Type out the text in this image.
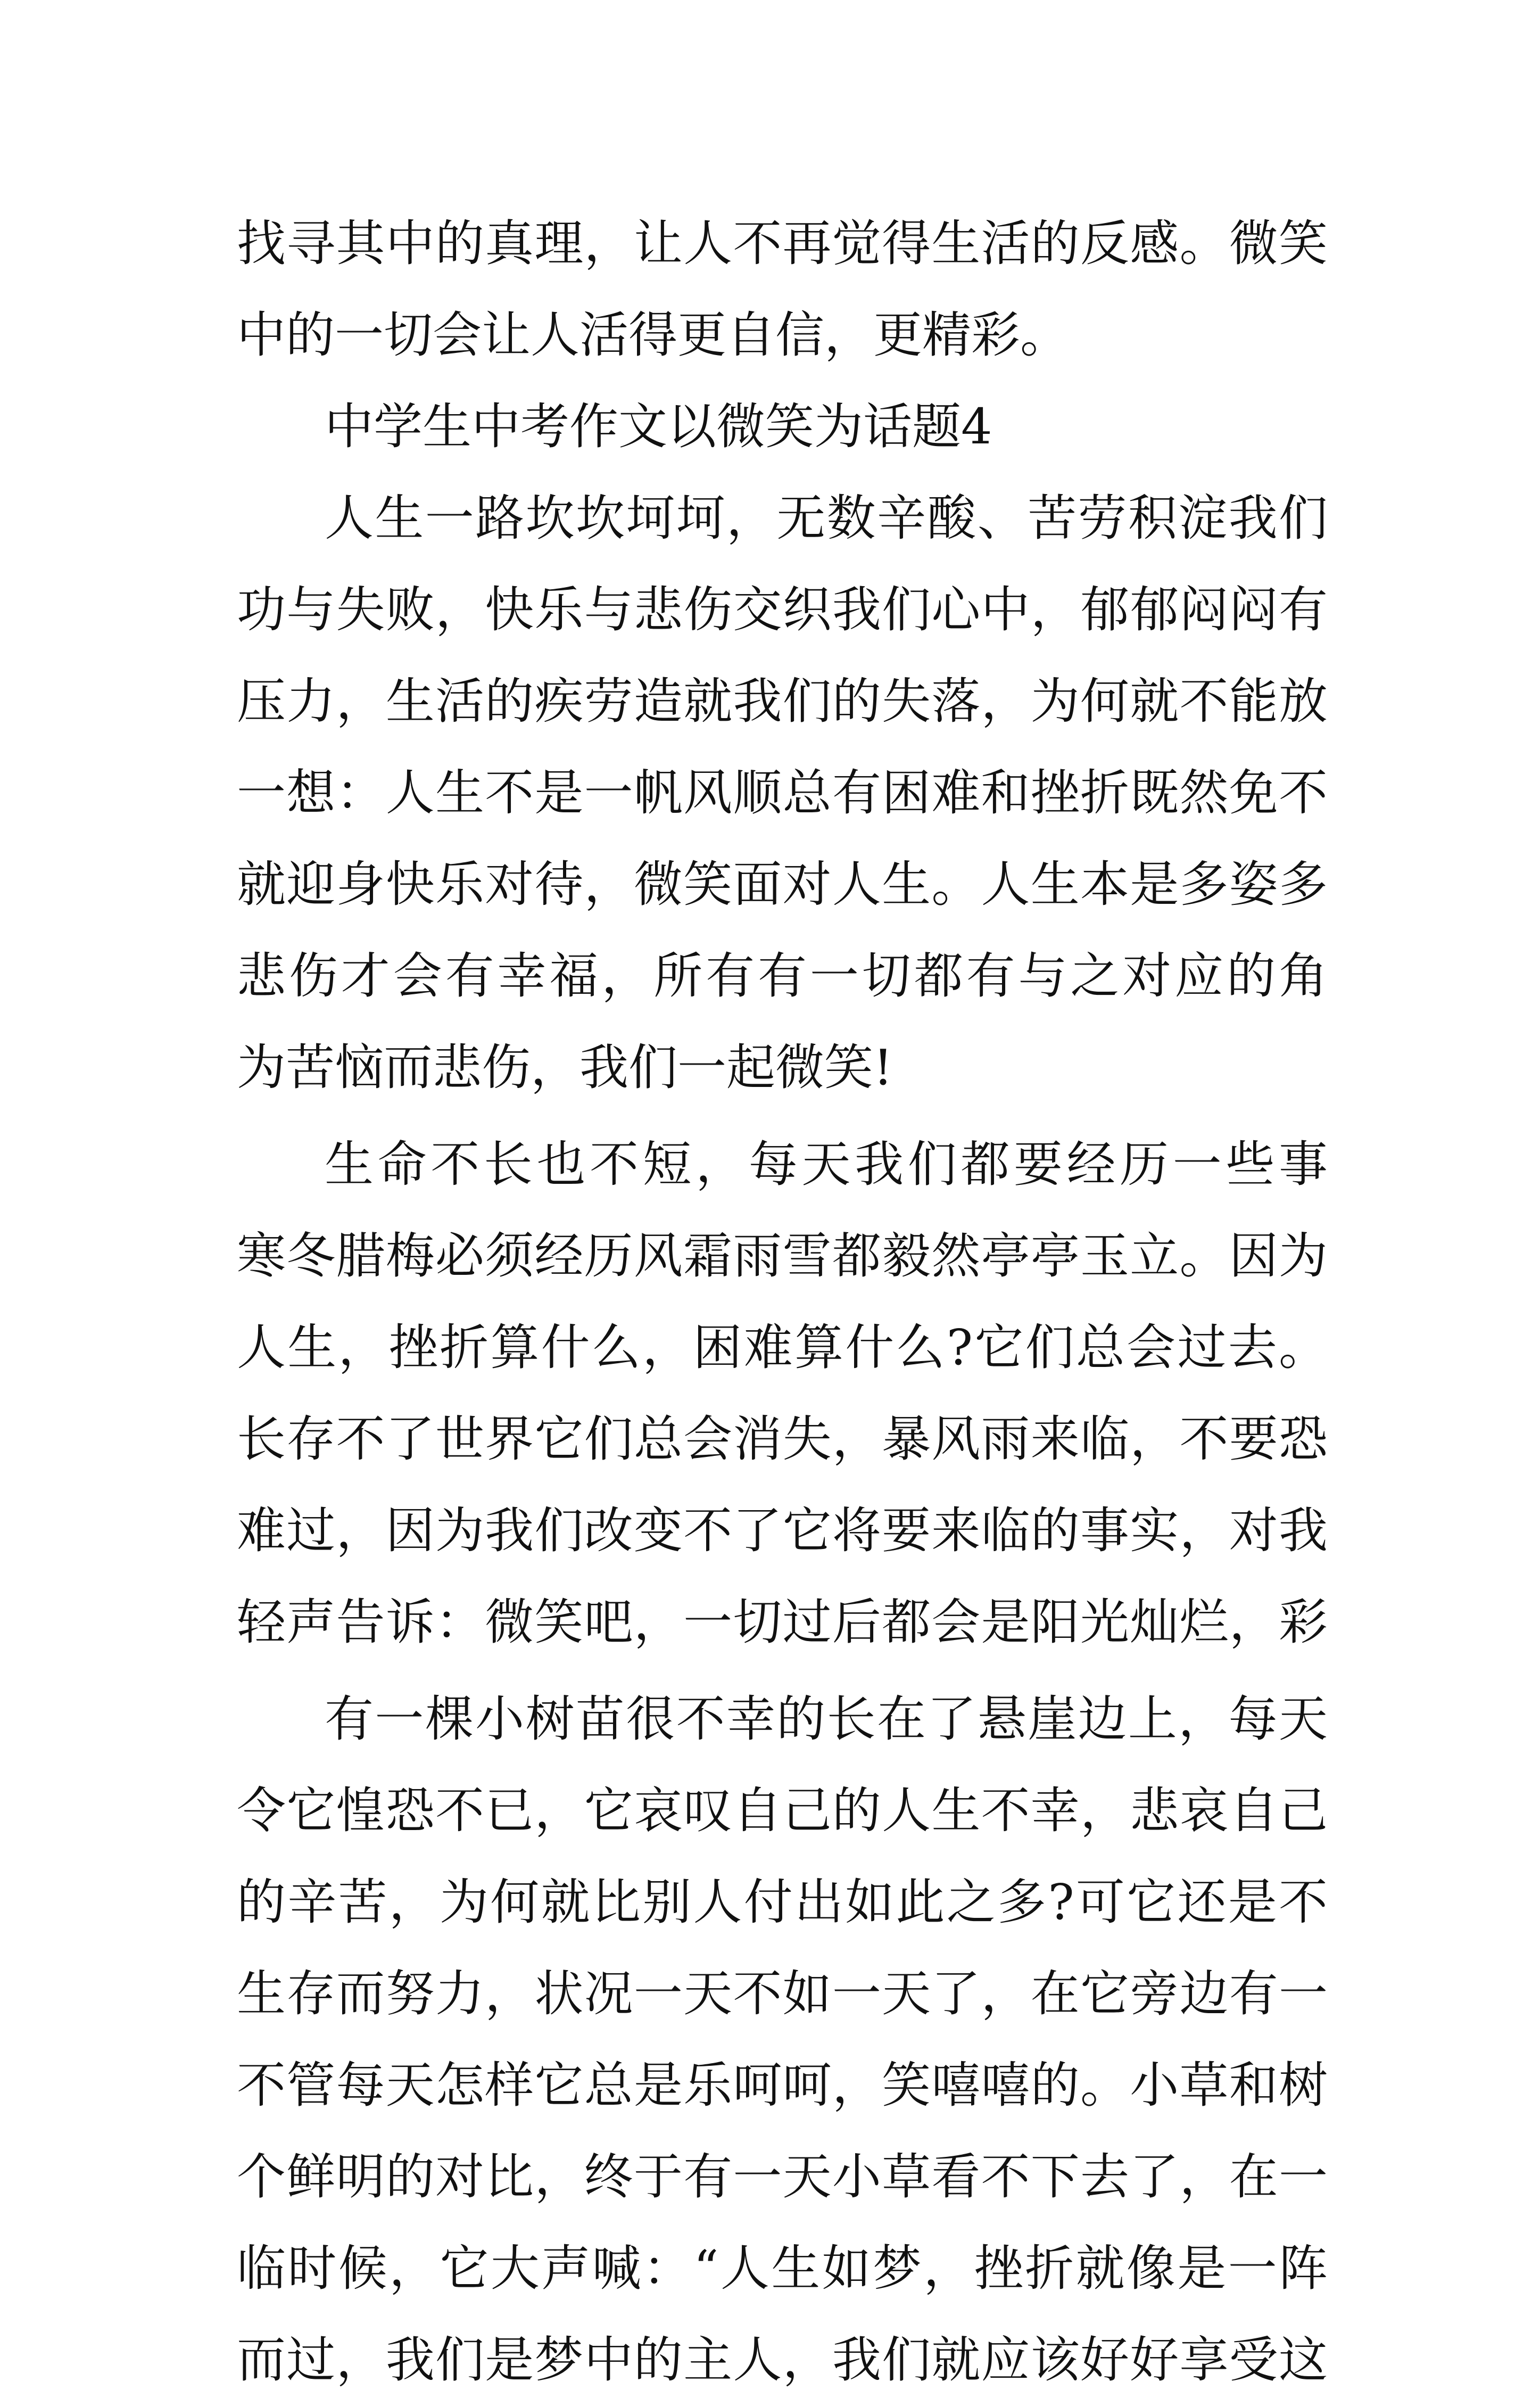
找寻其中的真理，让人不再觉得生活的反感。微笑
中的一切会让人活得更自信，更精彩。
中学生中考作文以微笑为话题4
人生一路坎坎坷坷，无数辛酸、苦劳积淀我们
功与失败，快乐与悲伤交织我们心中，郁郁闷闷有
压力，生活的疾劳造就我们的失落，为何就不能放
一想：人生不是一帆风顺总有困难和挫折既然免不
就迎身快乐对待，微笑面对人生。人生本是多姿多
悲伤才会有幸福，所有有一切都有与之对应的角
为苦恼而悲伤，我们一起微笑!
生命不长也不短，每天我们都要经历一些事
寒冬腊梅必须经历风霜雨雪都毅然亭亭玉立。因为
人生，挫折算什么，困难算什么?它们总会过去。
长存不了世界它们总会消失，暴风雨来临，不要恐
难过，因为我们改变不了它将要来临的事实，对我
轻声告诉：微笑吧，一切过后都会是阳光灿烂，彩
有一棵小树苗很不幸的长在了悬崖边上，每天
令它惶恐不已，它哀叹自己的人生不幸，悲哀自己
的辛苦，为何就比别人付出如此之多?可它还是不
生存而努力，状况一天不如一天了，在它旁边有一
不管每天怎样它总是乐呵呵，笑嘻嘻的。小草和树
个鲜明的对比，终于有一天小草看不下去了，在一
临时候，它大声喊：“人生如梦，挫折就像是一阵
而过，我们是梦中的主人，我们就应该好好享受这
